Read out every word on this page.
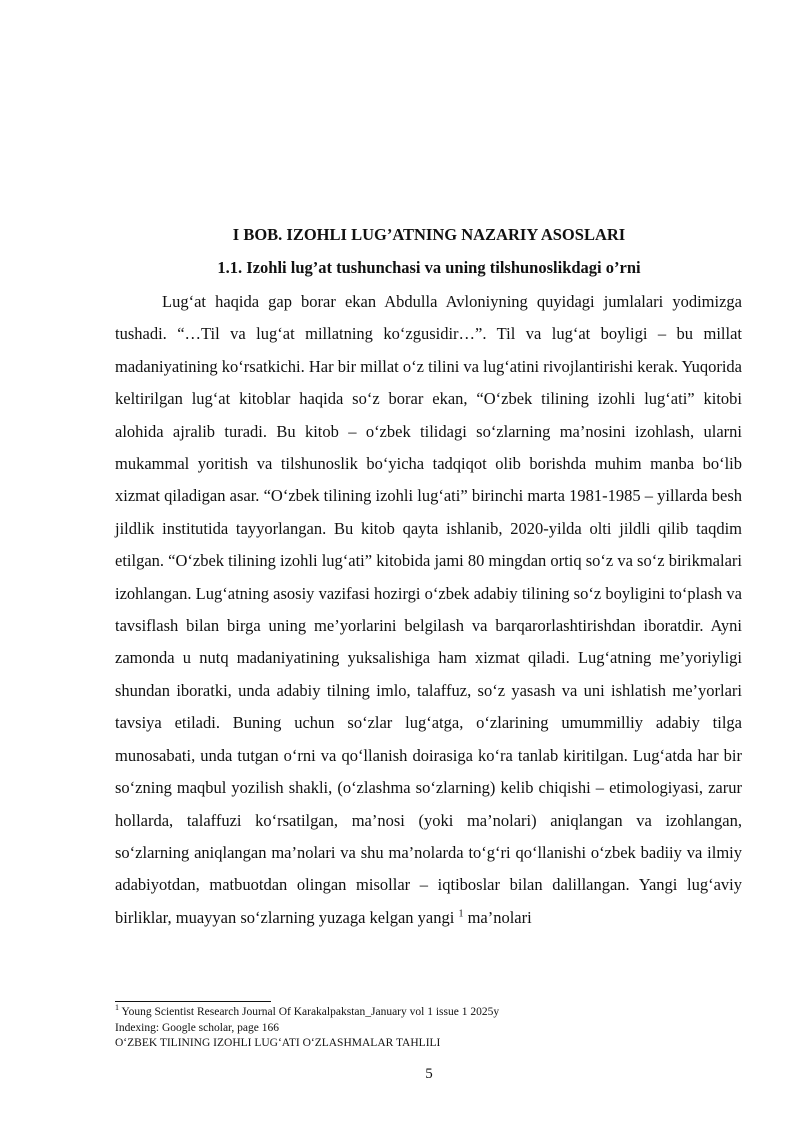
I BOB. IZOHLI LUG’ATNING NAZARIY ASOSLARI
1.1. Izohli lug’at tushunchasi va uning tilshunoslikdagi o’rni

Lug‘at haqida gap borar ekan Abdulla Avloniyning quyidagi jumlalari yodimizga tushadi. “…Til va lug‘at millatning ko‘zgusidir…”. Til va lug‘at boyligi – bu millat madaniyatining ko‘rsatkichi. Har bir millat o‘z tilini va lug‘atini rivojlantirishi kerak. Yuqorida keltirilgan lug‘at kitoblar haqida so‘z borar ekan, “O‘zbek tilining izohli lug‘ati” kitobi alohida ajralib turadi. Bu kitob – o‘zbek tilidagi so‘zlarning ma’nosini izohlash, ularni mukammal yoritish va tilshunoslik bo‘yicha tadqiqot olib borishda muhim manba bo‘lib xizmat qiladigan asar. “O‘zbek tilining izohli lug‘ati” birinchi marta 1981-1985 – yillarda besh jildlik institutida tayyorlangan. Bu kitob qayta ishlanib, 2020-yilda olti jildli qilib taqdim etilgan. “O‘zbek tilining izohli lug‘ati” kitobida jami 80 mingdan ortiq so‘z va so‘z birikmalari izohlangan. Lug‘atning asosiy vazifasi hozirgi o‘zbek adabiy tilining so‘z boyligini to‘plash va tavsiflash bilan birga uning me’yorlarini belgilash va barqarorlashtirishdan iboratdir. Ayni zamonda u nutq madaniyatining yuksalishiga ham xizmat qiladi. Lug‘atning me’yoriyligi shundan iboratki, unda adabiy tilning imlo, talaffuz, so‘z yasash va uni ishlatish me’yorlari tavsiya etiladi. Buning uchun so‘zlar lug‘atga, o‘zlarining umummilliy adabiy tilga munosabati, unda tutgan o‘rni va qo‘llanish doirasiga ko‘ra tanlab kiritilgan. Lug‘atda har bir so‘zning maqbul yozilish shakli, (o‘zlashma so‘zlarning) kelib chiqishi – etimologiyasi, zarur hollarda, talaffuzi ko‘rsatilgan, ma’nosi (yoki ma’nolari) aniqlangan va izohlangan, so‘zlarning aniqlangan ma’nolari va shu ma’nolarda to‘g‘ri qo‘llanishi o‘zbek badiiy va ilmiy adabiyotdan, matbuotdan olingan misollar – iqtiboslar bilan dalillangan. Yangi lug‘aviy birliklar, muayyan so‘zlarning yuzaga kelgan yangi $^1$ ma’nolari

$^1$ Young Scientist Research Journal Of Karakalpakstan_January vol 1 issue 1 2025y
Indexing: Google scholar, page 166
O‘ZBEK TILINING IZOHLI LUG‘ATI O‘ZLASHMALAR TAHLILI
5
